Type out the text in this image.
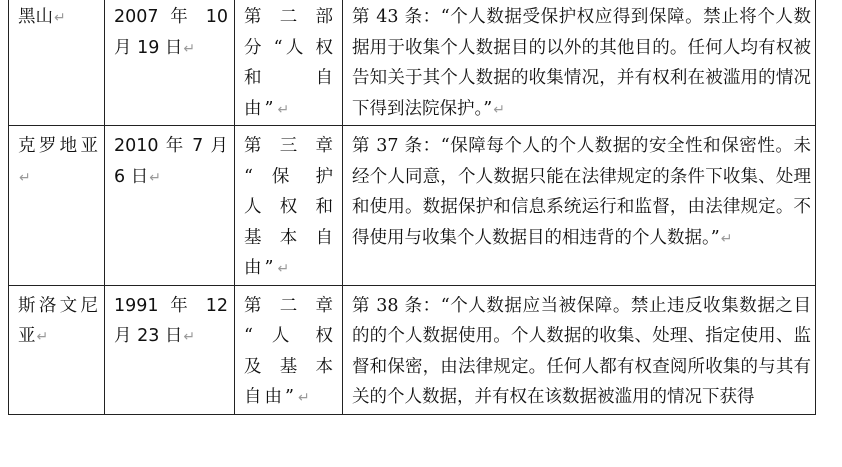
黑山↵	2007 年 10 月 19 日↵	第 二 部 分 “人 权 和 自 由”↵	第 43 条：“个人数据受保护权应得到保障。禁止将个人数据用于收集个人数据目的以外的其他目的。任何人均有权被告知关于其个人数据的收集情况，并有权利在被滥用的情况下得到法院保护。”↵
克罗地亚↵	2010 年 7 月 6 日↵	第 三 章 “ 保 护 人 权 和 基 本 自 由”↵	第 37 条：“保障每个人的个人数据的安全性和保密性。未经个人同意，个人数据只能在法律规定的条件下收集、处理和使用。数据保护和信息系统运行和监督，由法律规定。不得使用与收集个人数据目的相违背的个人数据。”↵
斯洛文尼亚↵	1991 年 12 月 23 日↵	第 二 章 “ 人 权 及 基 本 自由”↵	第 38 条：“个人数据应当被保障。禁止违反收集数据之目的的个人数据使用。个人数据的收集、处理、指定使用、监督和保密，由法律规定。任何人都有权查阅所收集的与其有关的个人数据，并有权在该数据被滥用的情况下获得
